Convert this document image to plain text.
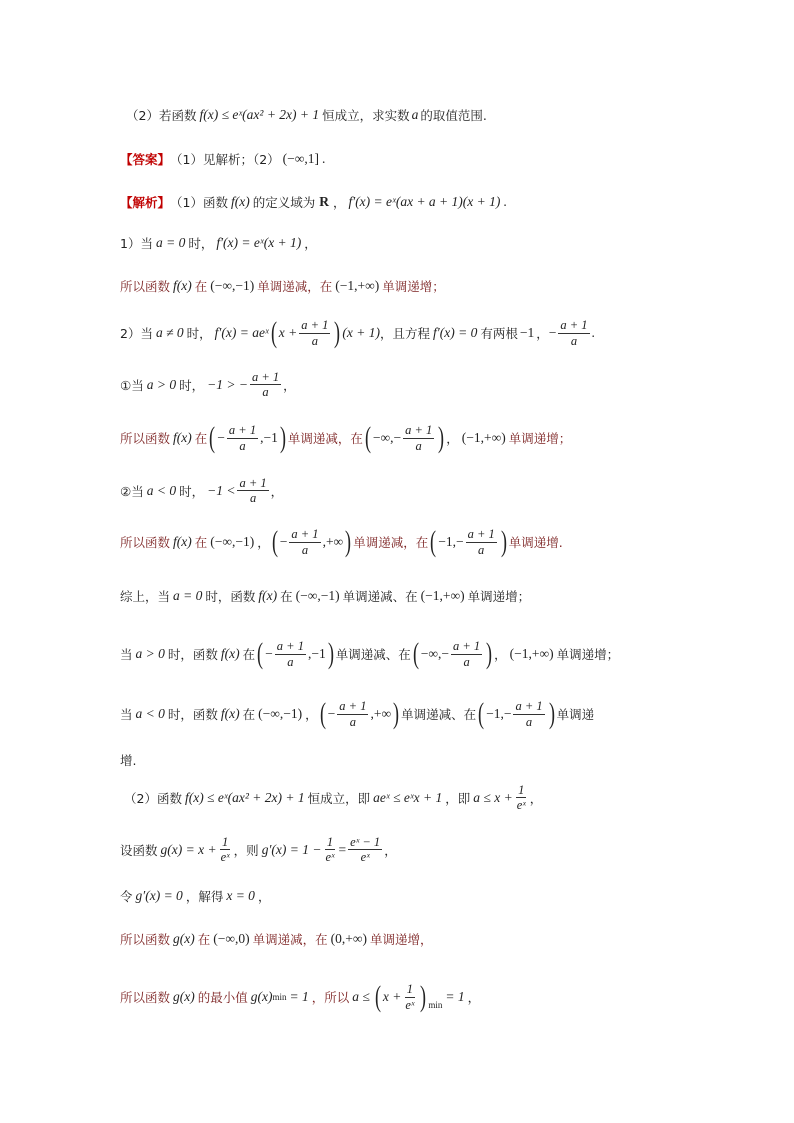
（2） 若函数 f(x) ≤ eˣ(ax² + 2x) + 1 恒成立，求实数 a 的取值范围.
【答案】 （1）见解析；（2） (−∞,1] .
【解析】 （1）函数 f(x) 的定义域为 R ， f′(x) = eˣ(ax + a + 1)(x + 1) .
1）当 a = 0 时， f′(x) = eˣ(x + 1) ，
所以函数 f(x) 在 (−∞,−1) 单调递减，在 (−1,+∞) 单调递增；
2）当 a ≠ 0 时， f′(x) = aeˣ ( $x + \frac{a + 1}{a}$ ) (x + 1) ，且方程 f′(x) = 0 有两根 −1 ， − $\frac{a + 1}{a}$ .
①当 a > 0 时， −1 > − $\frac{a + 1}{a}$ ，
所以函数 f(x) 在 ( − $\frac{a + 1}{a} ,-1$ ) 单调递减，在 ( −∞,− $\frac{a + 1}{a}$ ) ， (−1,+∞) 单调递增；
②当 a < 0 时， $-1 < \frac{a + 1}{a}$ ，
所以函数 f(x) 在 (−∞,−1) ， ( − $\frac{a + 1}{a}$ ,+∞ ) 单调递减，在 ( $-1,- \frac{a + 1}{a}$ ) 单调递增.
综上，当 a = 0 时，函数 f(x) 在 (−∞,−1) 单调递减、在 (−1,+∞) 单调递增；
当 a > 0 时，函数 f(x) 在 ( − $\frac{a + 1}{a} ,-1$ ) 单调递减、在 ( −∞,− $\frac{a + 1}{a}$ ) ， (−1,+∞) 单调递增；
当 a < 0 时，函数 f(x) 在 (−∞,−1) ， ( − $\frac{a + 1}{a}$ ,+∞ ) 单调递减、在 ( $-1,- \frac{a + 1}{a}$ ) 单调递
增.
（2）函数 f(x) ≤ eˣ(ax² + 2x) + 1 恒成立，即 aeˣ ≤ eˣx + 1 ，即 $a \le x + \frac{1}{\text{eˣ}}$ ，
设函数 $g(x) = x + \frac{1}{\text{eˣ}}$ ，则 $g'(x) = 1 - \frac{1}{\text{eˣ}} = \frac{\text{eˣ − 1}}{\text{eˣ}}$ ，
令 g′(x) = 0 ，解得 x = 0 ，
所以函数 g(x) 在 (−∞,0) 单调递减，在 (0,+∞) 单调递增，
所以函数 g(x) 的最小值 g(x) min = 1 ，所以 a ≤ ( $x + \frac{1}{\text{eˣ}} )_{min}$
= 1 ，
